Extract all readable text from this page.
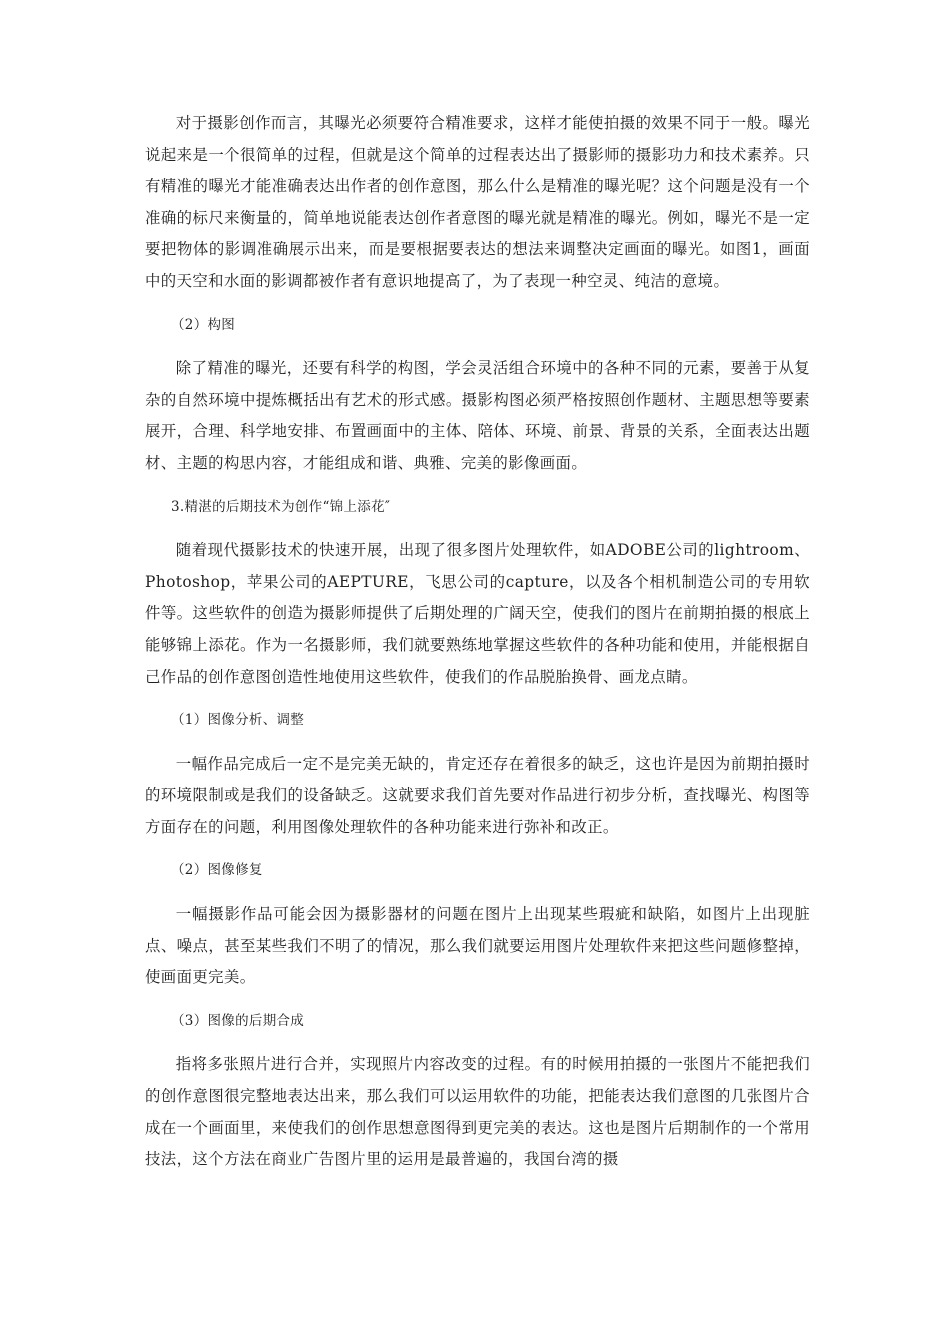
对于摄影创作而言，其曝光必须要符合精准要求，这样才能使拍摄的效果不同于一般。曝光说起来是一个很简单的过程，但就是这个简单的过程表达出了摄影师的摄影功力和技术素养。只有精准的曝光才能准确表达出作者的创作意图，那么什么是精准的曝光呢？这个问题是没有一个准确的标尺来衡量的，简单地说能表达创作者意图的曝光就是精准的曝光。例如，曝光不是一定要把物体的影调准确展示出来，而是要根据要表达的想法来调整决定画面的曝光。如图1，画面中的天空和水面的影调都被作者有意识地提高了，为了表现一种空灵、纯洁的意境。

（2）构图

除了精准的曝光，还要有科学的构图，学会灵活组合环境中的各种不同的元素，要善于从复杂的自然环境中提炼概括出有艺术的形式感。摄影构图必须严格按照创作题材、主题思想等要素展开，合理、科学地安排、布置画面中的主体、陪体、环境、前景、背景的关系，全面表达出题材、主题的构思内容，才能组成和谐、典雅、完美的影像画面。

3.精湛的后期技术为创作“锦上添花″

随着现代摄影技术的快速开展，出现了很多图片处理软件，如ADOBE公司的lightroom、Photoshop，苹果公司的AEPTURE，飞思公司的capture，以及各个相机制造公司的专用软件等。这些软件的创造为摄影师提供了后期处理的广阔天空，使我们的图片在前期拍摄的根底上能够锦上添花。作为一名摄影师，我们就要熟练地掌握这些软件的各种功能和使用，并能根据自己作品的创作意图创造性地使用这些软件，使我们的作品脱胎换骨、画龙点睛。

（1）图像分析、调整

一幅作品完成后一定不是完美无缺的，肯定还存在着很多的缺乏，这也许是因为前期拍摄时的环境限制或是我们的设备缺乏。这就要求我们首先要对作品进行初步分析，查找曝光、构图等方面存在的问题，利用图像处理软件的各种功能来进行弥补和改正。

（2）图像修复

一幅摄影作品可能会因为摄影器材的问题在图片上出现某些瑕疵和缺陷，如图片上出现脏点、噪点，甚至某些我们不明了的情况，那么我们就要运用图片处理软件来把这些问题修整掉，使画面更完美。

（3）图像的后期合成

指将多张照片进行合并，实现照片内容改变的过程。有的时候用拍摄的一张图片不能把我们的创作意图很完整地表达出来，那么我们可以运用软件的功能，把能表达我们意图的几张图片合成在一个画面里，来使我们的创作思想意图得到更完美的表达。这也是图片后期制作的一个常用技法，这个方法在商业广告图片里的运用是最普遍的，我国台湾的摄
